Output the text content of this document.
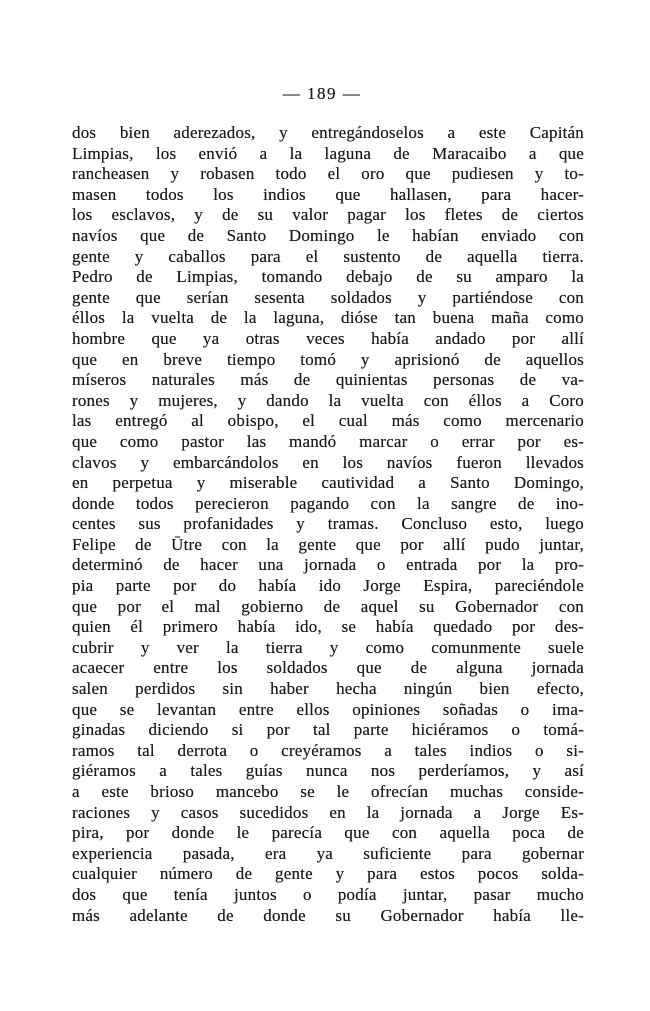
— 189 —
dos bien aderezados, y entregándoselos a este Capitán
Limpias, los envió a la laguna de Maracaibo a que
rancheasen y robasen todo el oro que pudiesen y to-
masen todos los indios que hallasen, para hacer-
los esclavos, y de su valor pagar los fletes de ciertos
navíos que de Santo Domingo le habían enviado con
gente y caballos para el sustento de aquella tierra.
Pedro de Limpias, tomando debajo de su amparo la
gente que serían sesenta soldados y partiéndose con
éllos la vuelta de la laguna, dióse tan buena maña como
hombre que ya otras veces había andado por allí
que en breve tiempo tomó y aprisionó de aquellos
míseros naturales más de quinientas personas de va-
rones y mujeres, y dando la vuelta con éllos a Coro
las entregó al obispo, el cual más como mercenario
que como pastor las mandó marcar o errar por es-
clavos y embarcándolos en los navíos fueron llevados
en perpetua y miserable cautividad a Santo Domingo,
donde todos perecieron pagando con la sangre de ino-
centes sus profanidades y tramas. Concluso esto, luego
Felipe de Ūtre con la gente que por allí pudo juntar,
determinó de hacer una jornada o entrada por la pro-
pia parte por do había ido Jorge Espira, pareciéndole
que por el mal gobierno de aquel su Gobernador con
quien él primero había ido, se había quedado por des-
cubrir y ver la tierra y como comunmente suele
acaecer entre los soldados que de alguna jornada
salen perdidos sin haber hecha ningún bien efecto,
que se levantan entre ellos opiniones soñadas o ima-
ginadas diciendo si por tal parte hiciéramos o tomá-
ramos tal derrota o creyéramos a tales indios o si-
giéramos a tales guías nunca nos perderíamos, y así
a este brioso mancebo se le ofrecían muchas conside-
raciones y casos sucedidos en la jornada a Jorge Es-
pira, por donde le parecía que con aquella poca de
experiencia pasada, era ya suficiente para gobernar
cualquier número de gente y para estos pocos solda-
dos que tenía juntos o podía juntar, pasar mucho
más adelante de donde su Gobernador había lle-
